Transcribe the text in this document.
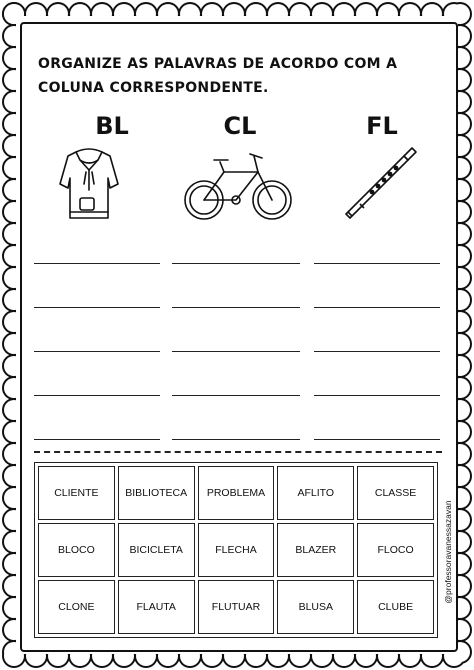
ORGANIZE AS PALAVRAS DE ACORDO COM A COLUNA CORRESPONDENTE.
BL	CL	FL
CLIENTE	BIBLIOTECA	PROBLEMA	AFLITO	CLASSE
BLOCO	BICICLETA	FLECHA	BLAZER	FLOCO
CLONE	FLAUTA	FLUTUAR	BLUSA	CLUBE
@professoravanessazavan
